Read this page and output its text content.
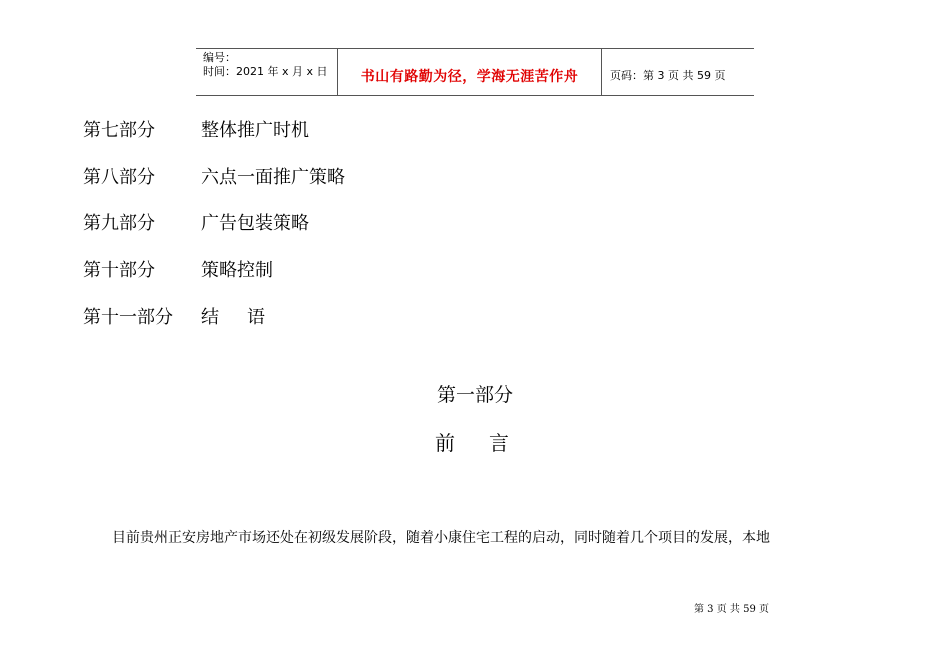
编号：
时间：2021 年 x 月 x 日	书山有路勤为径，学海无涯苦作舟	页码：第 3 页 共 59 页
第七部分	整体推广时机
第八部分	六点一面推广策略
第九部分	广告包装策略
第十部分	策略控制
第十一部分 结语
第一部分
前言
目前贵州正安房地产市场还处在初级发展阶段，随着小康住宅工程的启动，同时随着几个项目的发展，本地
第 3 页 共 59 页
